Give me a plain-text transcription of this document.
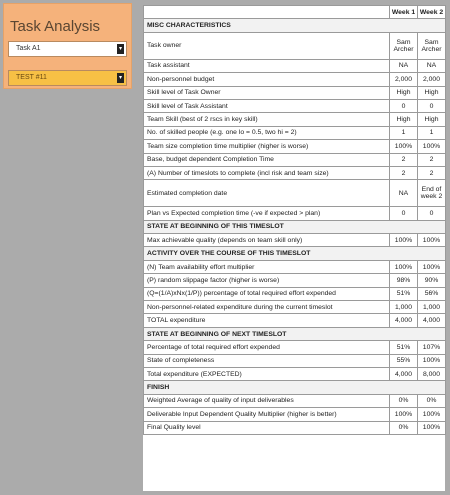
Task Analysis
Task A1	▾
TEST #11	▾
	Week 1	Week 2
MISC CHARACTERISTICS		
Task owner	Sam Archer	Sam Archer
Task assistant	NA	NA
Non-personnel budget	2,000	2,000
Skill level of Task Owner	High	High
Skill level of Task Assistant	0	0
Team Skill (best of 2 rscs in key skill)	High	High
No. of skilled people (e.g. one lo = 0.5, two hi = 2)	1	1
Team size completion time multiplier (higher is worse)	100%	100%
Base, budget dependent Completion Time	2	2
(A) Number of timeslots to complete (incl risk and team size)	2	2
Estimated completion date	NA	End of week 2
Plan vs Expected completion time (-ve if expected > plan)	0	0
STATE AT BEGINNING OF THIS TIMESLOT		
Max achievable quality (depends on team skill only)	100%	100%
ACTIVITY OVER THE COURSE OF THIS TIMESLOT		
(N) Team availability effort multiplier	100%	100%
(P) random slippage factor (higher is worse)	98%	90%
(Q=(1/A)xNx(1/P)) percentage of total required effort expended	51%	56%
Non-personnel-related expenditure during the current timeslot	1,000	1,000
TOTAL expenditure	4,000	4,000
STATE AT BEGINNING OF NEXT TIMESLOT		
Percentage of total required effort expended	51%	107%
State of completeness	55%	100%
Total expenditure (EXPECTED)	4,000	8,000
FINISH		
Weighted Average of quality of input deliverables	0%	0%
Deliverable Input Dependent Quality Multiplier (higher is better)	100%	100%
Final Quality level	0%	100%
